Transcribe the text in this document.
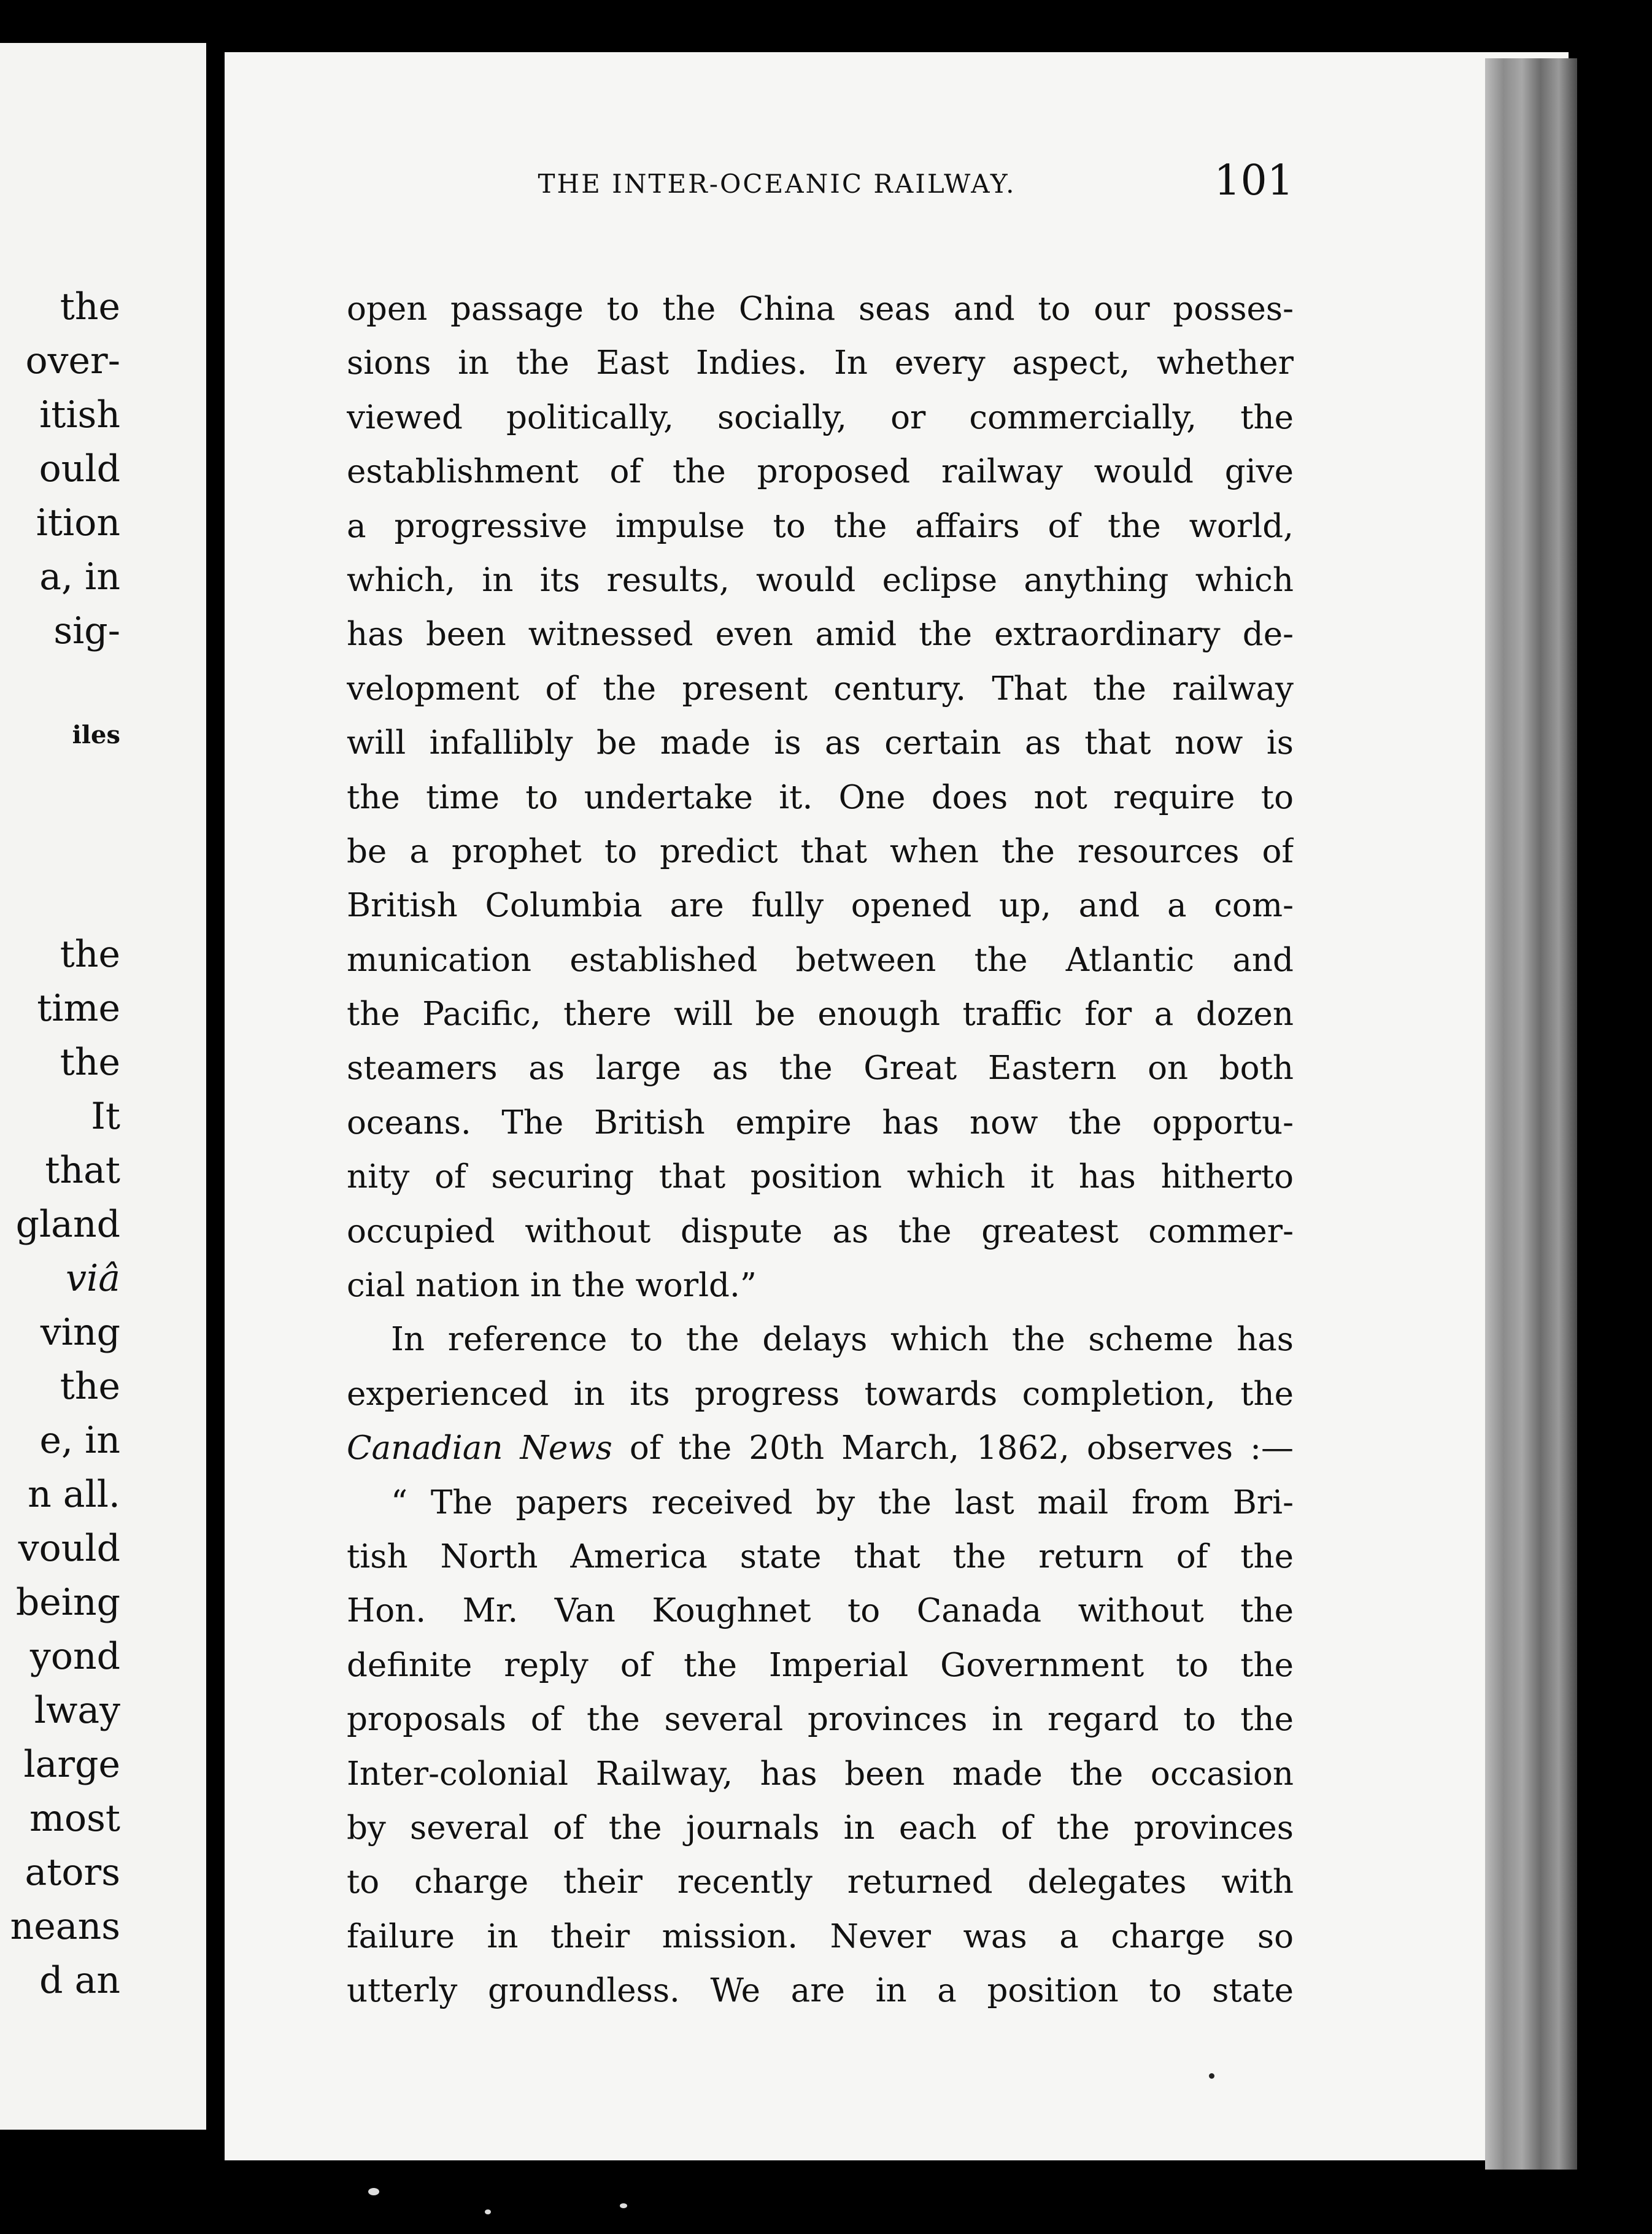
the
over-
itish
ould
ition
a, in
sig-
iles
the
time
the
It
that
gland
viâ
ving
the
e, in
n all.
vould
being
yond
lway
large
most
ators
neans
d an
THE INTER-OCEANIC RAILWAY.	101
open passage to the China seas and to our posses-
sions in the East Indies. In every aspect, whether
viewed politically, socially, or commercially, the
establishment of the proposed railway would give
a progressive impulse to the affairs of the world,
which, in its results, would eclipse anything which
has been witnessed even amid the extraordinary de-
velopment of the present century. That the railway
will infallibly be made is as certain as that now is
the time to undertake it. One does not require to
be a prophet to predict that when the resources of
British Columbia are fully opened up, and a com-
munication established between the Atlantic and
the Pacific, there will be enough traffic for a dozen
steamers as large as the Great Eastern on both
oceans. The British empire has now the opportu-
nity of securing that position which it has hitherto
occupied without dispute as the greatest commer-
cial nation in the world.”
In reference to the delays which the scheme has
experienced in its progress towards completion, the
Canadian News of the 20th March, 1862, observes :—
“ The papers received by the last mail from Bri-
tish North America state that the return of the
Hon. Mr. Van Koughnet to Canada without the
definite reply of the Imperial Government to the
proposals of the several provinces in regard to the
Inter-colonial Railway, has been made the occasion
by several of the journals in each of the provinces
to charge their recently returned delegates with
failure in their mission. Never was a charge so
utterly groundless. We are in a position to state
